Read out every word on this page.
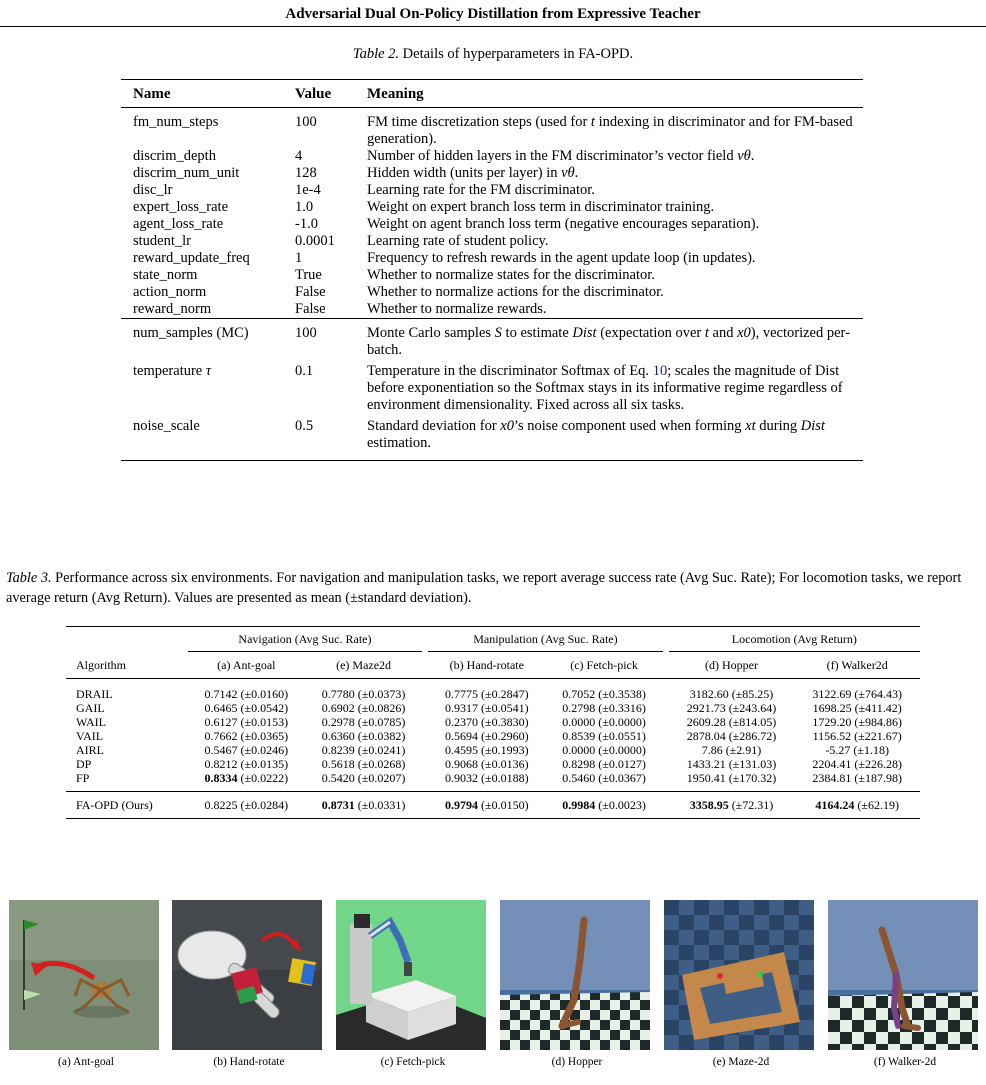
Adversarial Dual On-Policy Distillation from Expressive Teacher
Table 2. Details of hyperparameters in FA-OPD.
Name	Value	Meaning
fm_num_steps	100	FM time discretization steps (used for t indexing in discriminator and for FM-based generation).
discrim_depth	4	Number of hidden layers in the FM discriminator’s vector field vθ.
discrim_num_unit	128	Hidden width (units per layer) in vθ.
disc_lr	1e-4	Learning rate for the FM discriminator.
expert_loss_rate	1.0	Weight on expert branch loss term in discriminator training.
agent_loss_rate	-1.0	Weight on agent branch loss term (negative encourages separation).
student_lr	0.0001	Learning rate of student policy.
reward_update_freq	1	Frequency to refresh rewards in the agent update loop (in updates).
state_norm	True	Whether to normalize states for the discriminator.
action_norm	False	Whether to normalize actions for the discriminator.
reward_norm	False	Whether to normalize rewards.
num_samples (MC)	100	Monte Carlo samples S to estimate Dist (expectation over t and x0), vectorized per-batch.
temperature τ	0.1	Temperature in the discriminator Softmax of Eq. 10; scales the magnitude of Dist before exponentiation so the Softmax stays in its informative regime regardless of environment dimensionality. Fixed across all six tasks.
noise_scale	0.5	Standard deviation for x0’s noise component used when forming xt during Dist estimation.
Table 3. Performance across six environments. For navigation and manipulation tasks, we report average success rate (Avg Suc. Rate); For locomotion tasks, we report average return (Avg Return). Values are presented as mean (±standard deviation).
	Navigation (Avg Suc. Rate)			Manipulation (Avg Suc. Rate)			Locomotion (Avg Return)	
Algorithm	(a) Ant-goal	(e) Maze2d		(b) Hand-rotate	(c) Fetch-pick		(d) Hopper	(f) Walker2d
DRAIL	0.7142 (±0.0160)	0.7780 (±0.0373)		0.7775 (±0.2847)	0.7052 (±0.3538)		3182.60 (±85.25)	3122.69 (±764.43)
GAIL	0.6465 (±0.0542)	0.6902 (±0.0826)		0.9317 (±0.0541)	0.2798 (±0.3316)		2921.73 (±243.64)	1698.25 (±411.42)
WAIL	0.6127 (±0.0153)	0.2978 (±0.0785)		0.2370 (±0.3830)	0.0000 (±0.0000)		2609.28 (±814.05)	1729.20 (±984.86)
VAIL	0.7662 (±0.0365)	0.6360 (±0.0382)		0.5694 (±0.2960)	0.8539 (±0.0551)		2878.04 (±286.72)	1156.52 (±221.67)
AIRL	0.5467 (±0.0246)	0.8239 (±0.0241)		0.4595 (±0.1993)	0.0000 (±0.0000)		7.86 (±2.91)	-5.27 (±1.18)
DP	0.8212 (±0.0135)	0.5618 (±0.0268)		0.9068 (±0.0136)	0.8298 (±0.0127)		1433.21 (±131.03)	2204.41 (±226.28)
FP	0.8334 (±0.0222)	0.5420 (±0.0207)		0.9032 (±0.0188)	0.5460 (±0.0367)		1950.41 (±170.32)	2384.81 (±187.98)
FA-OPD (Ours)	0.8225 (±0.0284)	0.8731 (±0.0331)		0.9794 (±0.0150)	0.9984 (±0.0023)		3358.95 (±72.31)	4164.24 (±62.19)
(a) Ant-goal	(b) Hand-rotate	(c) Fetch-pick	(d) Hopper	(e) Maze-2d	(f) Walker-2d
